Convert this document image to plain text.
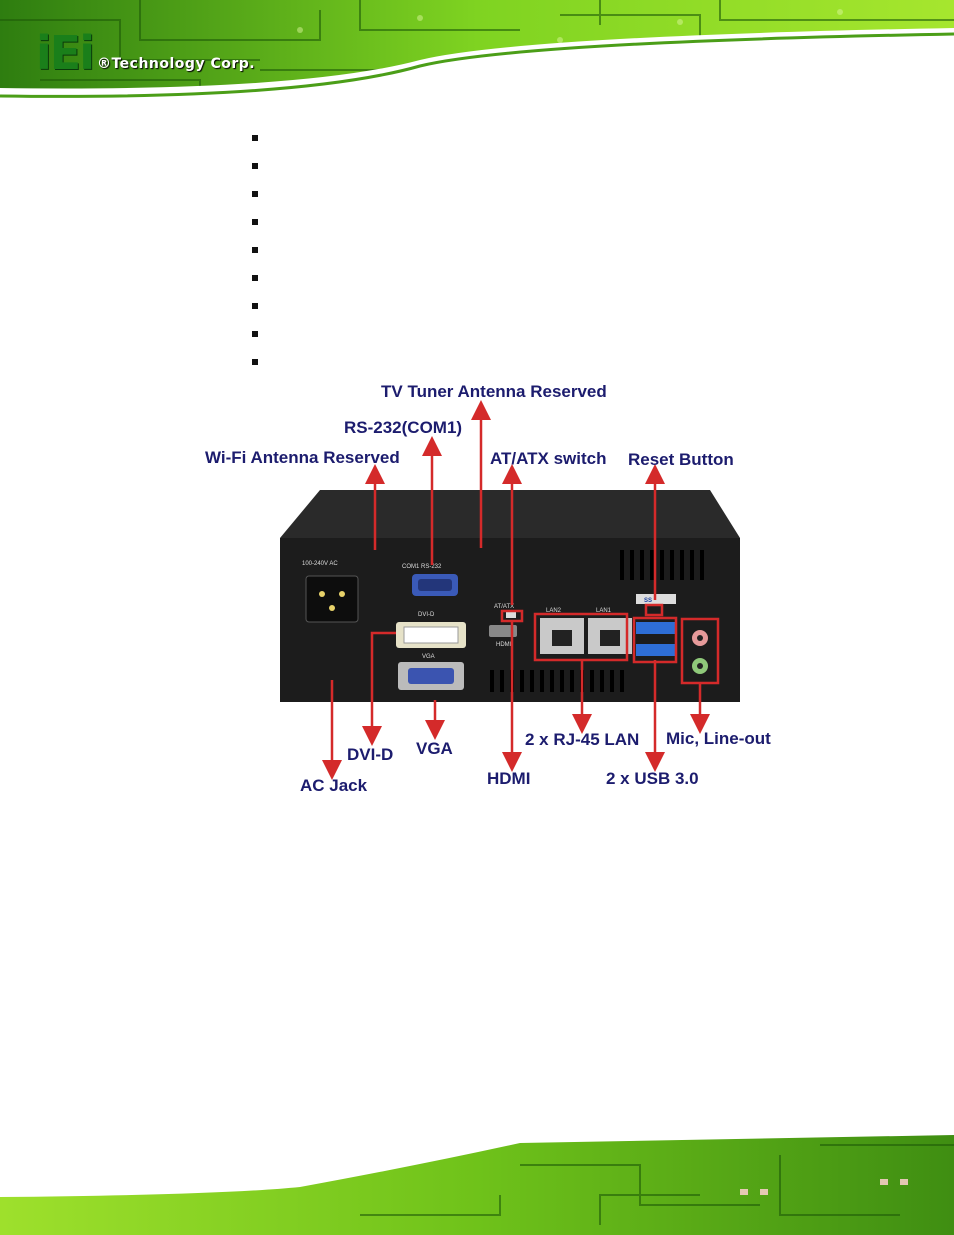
iEi ®Technology Corp.
100-240V AC	COM1 RS-232
DVI-D
VGA
AT/ATX
HDMI
LAN2	LAN1
SS
TV Tuner Antenna Reserved
RS-232(COM1)
Wi-Fi Antenna Reserved	AT/ATX switch Reset Button
2 x RJ-45 LAN Mic, Line-out
DVI-D VGA
AC Jack	HDMI	2 x USB 3.0
